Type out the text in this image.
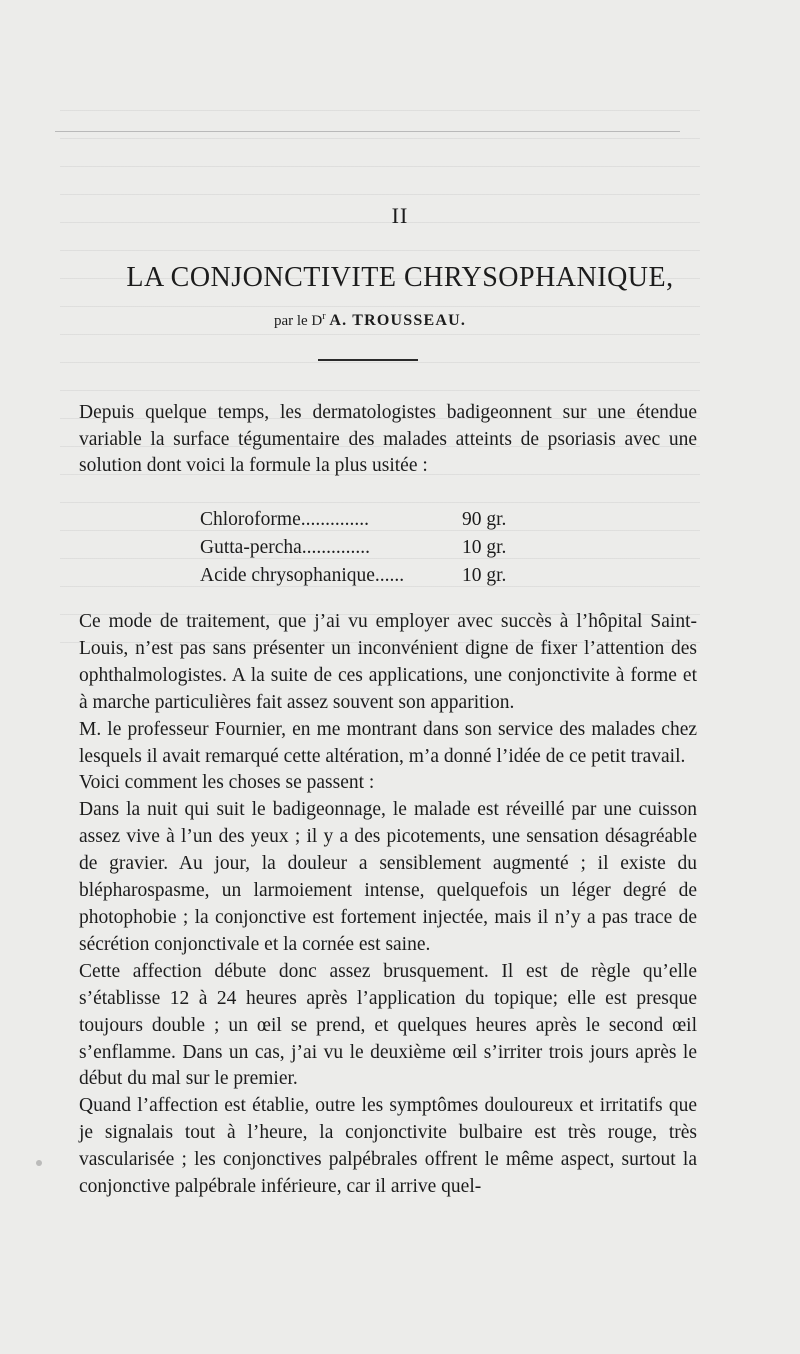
II
LA CONJONCTIVITE CHRYSOPHANIQUE,
par le $D^r$ A. TROUSSEAU.

Depuis quelque temps, les dermatologistes badigeonnent sur une étendue variable la surface tégumentaire des malades atteints de psoriasis avec une solution dont voici la formule la plus usitée :

Chloroforme..............	90 gr.
Gutta-percha..............	10 gr.
Acide chrysophanique......	10 gr.

Ce mode de traitement, que j’ai vu employer avec succès à l’hôpital Saint-Louis, n’est pas sans présenter un inconvénient digne de fixer l’attention des ophthalmologistes. A la suite de ces applications, une conjonctivite à forme et à marche particulières fait assez souvent son apparition.

M. le professeur Fournier, en me montrant dans son service des malades chez lesquels il avait remarqué cette altération, m’a donné l’idée de ce petit travail.

Voici comment les choses se passent :

Dans la nuit qui suit le badigeonnage, le malade est réveillé par une cuisson assez vive à l’un des yeux ; il y a des picotements, une sensation désagréable de gravier. Au jour, la douleur a sensiblement augmenté ; il existe du blépharospasme, un larmoiement intense, quelquefois un léger degré de photophobie ; la conjonctive est fortement injectée, mais il n’y a pas trace de sécrétion conjonctivale et la cornée est saine.

Cette affection débute donc assez brusquement. Il est de règle qu’elle s’établisse 12 à 24 heures après l’application du topique; elle est presque toujours double ; un œil se prend, et quelques heures après le second œil s’enflamme. Dans un cas, j’ai vu le deuxième œil s’irriter trois jours après le début du mal sur le premier.

Quand l’affection est établie, outre les symptômes douloureux et irritatifs que je signalais tout à l’heure, la conjonctivite bulbaire est très rouge, très vascularisée ; les conjonctives palpébrales offrent le même aspect, surtout la conjonctive palpébrale inférieure, car il arrive quel-
